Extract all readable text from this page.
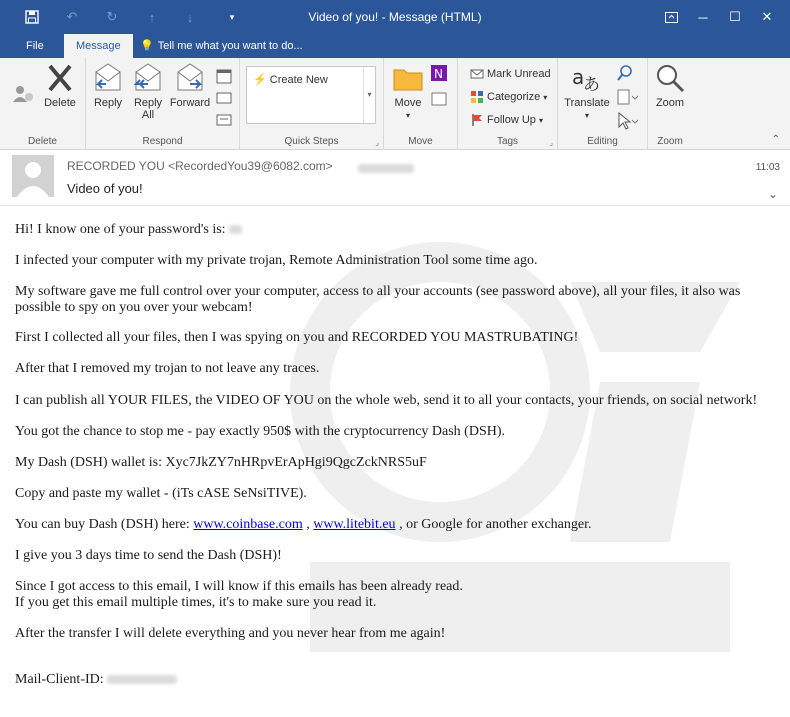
↶	↻	↑	↓	▾	Video of you! - Message (HTML)	─	☐	✕
File	Message	💡 Tell me what you want to do...
Delete
Delete
Reply	Reply
All
Forward
Respond
⚡ Create New
▾
Quick Steps	⌟
Move
▾
N
Move
Mark Unread
Categorize ▾
Follow Up ▾
Tags	⌟
a
あ
Translate
▾
Editing
Zoom
Zoom	⌃
RECORDED YOU <RecordedYou39@6082.com>
Video of you!
11:03
⌄
Hi! I know one of your password's is:
I infected your computer with my private trojan, Remote Administration Tool some time ago.
My software gave me full control over your computer, access to all your accounts (see password above), all your files, it also was
possible to spy on you over your webcam!
First I collected all your files, then I was spying on you and RECORDED YOU MASTRUBATING!
After that I removed my trojan to not leave any traces.
I can publish all YOUR FILES, the VIDEO OF YOU on the whole web, send it to all your contacts, your friends, on social network!
You got the chance to stop me - pay exactly 950$ with the cryptocurrency Dash (DSH).
My Dash (DSH) wallet is: Xyc7JkZY7nHRpvErApHgi9QgcZckNRS5uF
Copy and paste my wallet - (iTs cASE SeNsiTIVE).
You can buy Dash (DSH) here: www.coinbase.com , www.litebit.eu , or Google for another exchanger.
I give you 3 days time to send the Dash (DSH)!
Since I got access to this email, I will know if this emails has been already read.
If you get this email multiple times, it's to make sure you read it.
After the transfer I will delete everything and you never hear from me again!
Mail-Client-ID:
